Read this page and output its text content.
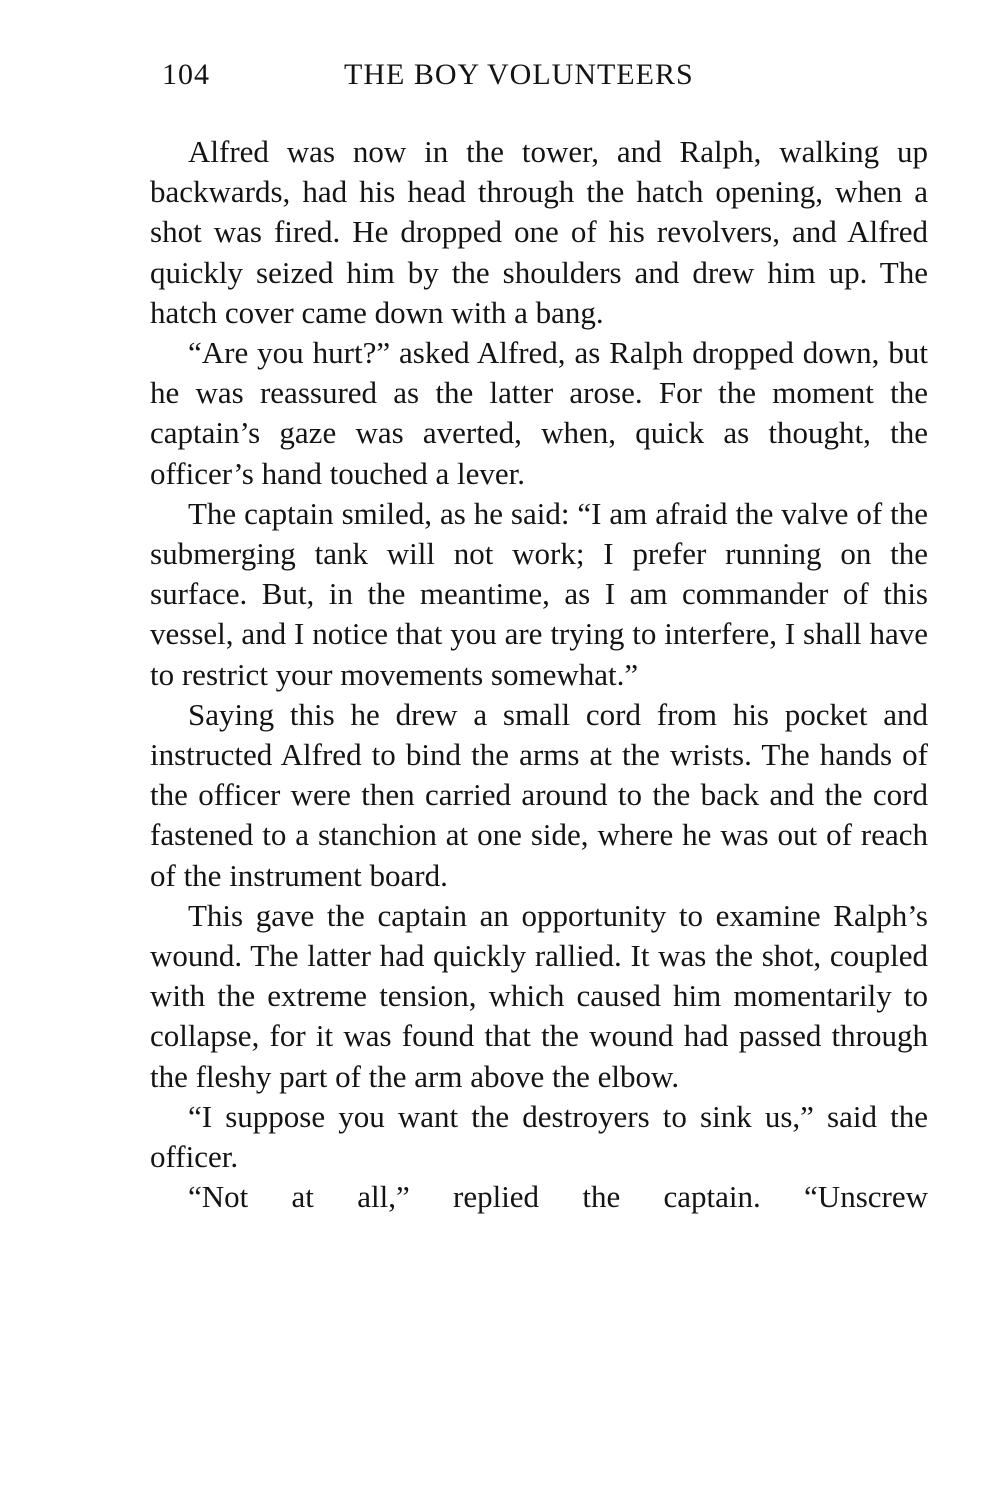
104	THE BOY VOLUNTEERS

Alfred was now in the tower, and Ralph, walking up backwards, had his head through the hatch opening, when a shot was fired. He dropped one of his revolvers, and Alfred quickly seized him by the shoulders and drew him up. The hatch cover came down with a bang.

“Are you hurt?” asked Alfred, as Ralph dropped down, but he was reassured as the latter arose. For the moment the captain’s gaze was averted, when, quick as thought, the officer’s hand touched a lever.

The captain smiled, as he said: “I am afraid the valve of the submerging tank will not work; I prefer running on the surface. But, in the meantime, as I am commander of this vessel, and I notice that you are trying to interfere, I shall have to restrict your movements somewhat.”

Saying this he drew a small cord from his pocket and instructed Alfred to bind the arms at the wrists. The hands of the officer were then carried around to the back and the cord fastened to a stanchion at one side, where he was out of reach of the instrument board.

This gave the captain an opportunity to examine Ralph’s wound. The latter had quickly rallied. It was the shot, coupled with the extreme tension, which caused him momentarily to collapse, for it was found that the wound had passed through the fleshy part of the arm above the elbow.

“I suppose you want the destroyers to sink us,” said the officer.

“Not at all,” replied the captain. “Unscrew
